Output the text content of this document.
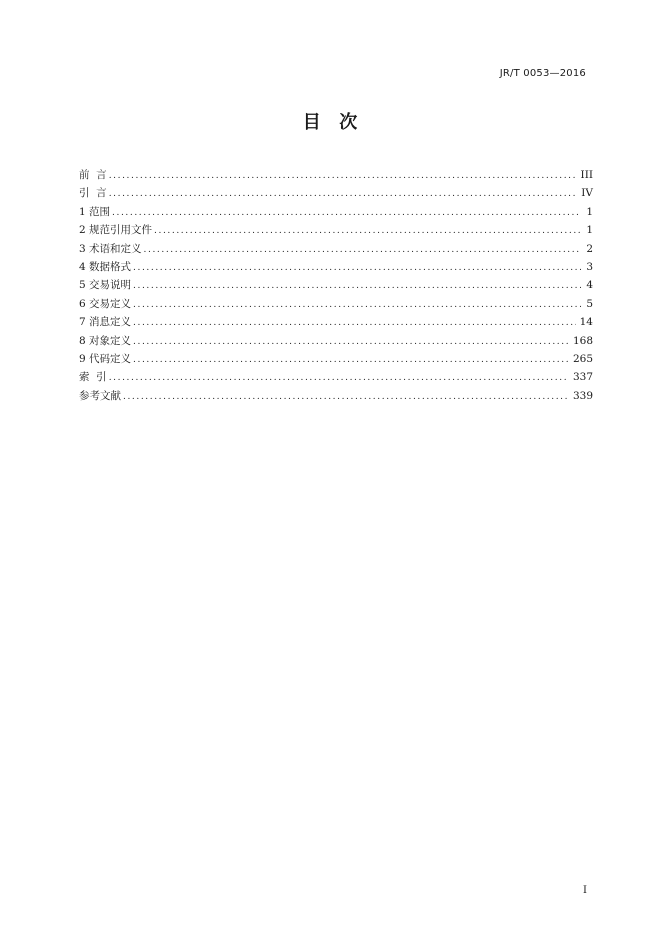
JR/T 0053—2016
目  次
前  言 .....	III
引  言 .....	IV
1 范围 .....	1
2 规范引用文件 .....	1
3 术语和定义 .....	2
4 数据格式 .....	3
5 交易说明 .....	4
6 交易定义 .....	5
7 消息定义 .....	14
8 对象定义 .....	168
9 代码定义 .....	265
索  引 .....	337
参考文献 .....	339
I
